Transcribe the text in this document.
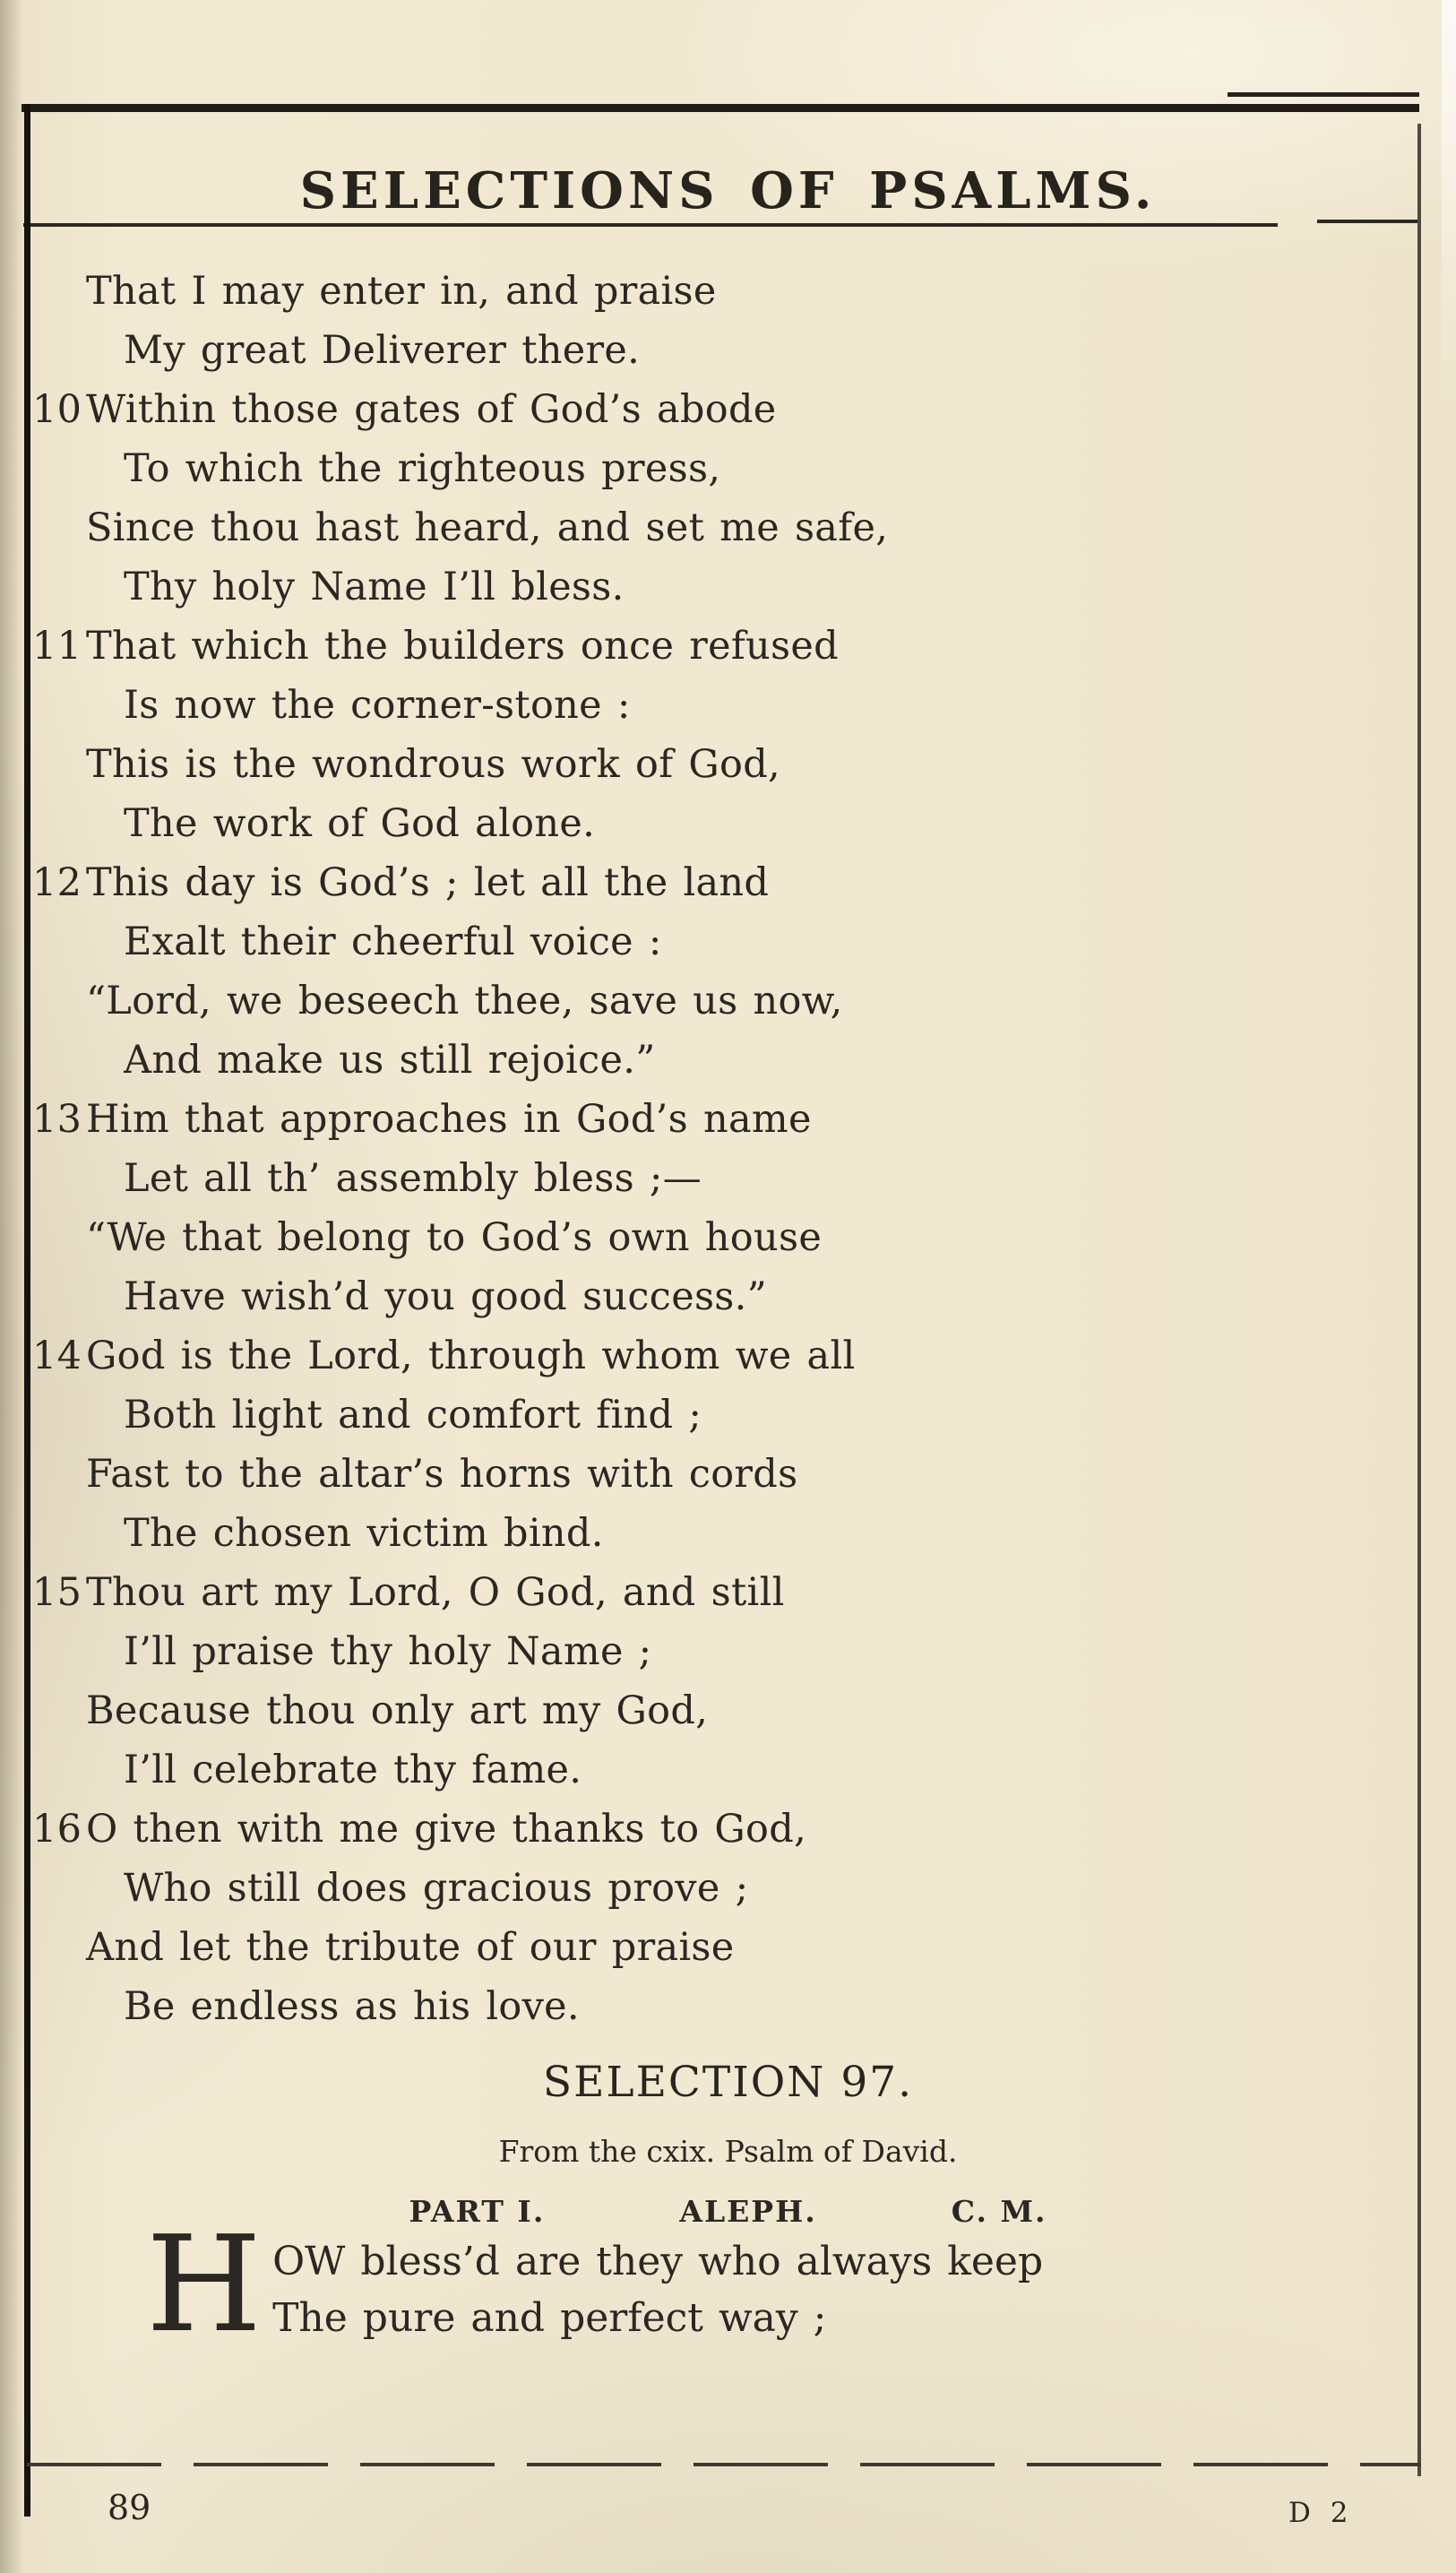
SELECTIONS OF PSALMS.
That I may enter in, and praise
My great Deliverer there.
10 Within those gates of God’s abode
To which the righteous press,
Since thou hast heard, and set me safe,
Thy holy Name I’ll bless.
11 That which the builders once refused
Is now the corner-stone :
This is the wondrous work of God,
The work of God alone.
12 This day is God’s ; let all the land
Exalt their cheerful voice :
“Lord, we beseech thee, save us now,
And make us still rejoice.”
13 Him that approaches in God’s name
Let all th’ assembly bless ;—
“We that belong to God’s own house
Have wish’d you good success.”
14 God is the Lord, through whom we all
Both light and comfort find ;
Fast to the altar’s horns with cords
The chosen victim bind.
15 Thou art my Lord, O God, and still
I’ll praise thy holy Name ;
Because thou only art my God,
I’ll celebrate thy fame.
16 O then with me give thanks to God,
Who still does gracious prove ;
And let the tribute of our praise
Be endless as his love.
SELECTION 97.
From the cxix. Psalm of David.
PART I.	ALEPH.	C. M.
H OW bless’d are they who always keep
The pure and perfect way ;
89	D 2
